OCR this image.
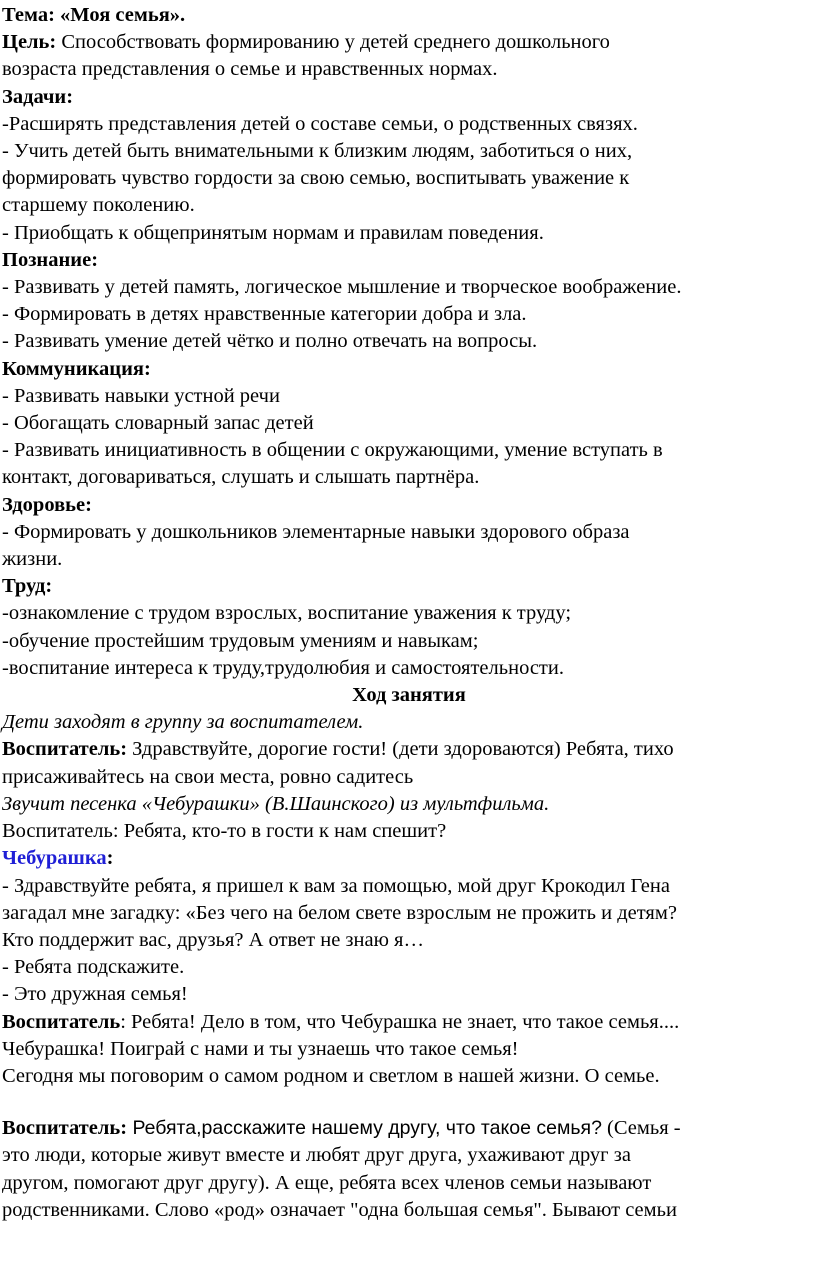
Тема: «Моя семья».
Цель: Способствовать формированию у детей среднего дошкольного
возраста представления о семье и нравственных нормах.
Задачи:
-Расширять представления детей о составе семьи, о родственных связях.
- Учить детей быть внимательными к близким людям, заботиться о них,
формировать чувство гордости за свою семью, воспитывать уважение к
старшему поколению.
- Приобщать к общепринятым нормам и правилам поведения.
Познание:
- Развивать у детей память, логическое мышление и творческое воображение.
- Формировать в детях нравственные категории добра и зла.
- Развивать умение детей чётко и полно отвечать на вопросы.
Коммуникация:
- Развивать навыки устной речи
- Обогащать словарный запас детей
- Развивать инициативность в общении с окружающими, умение вступать в
контакт, договариваться, слушать и слышать партнёра.
Здоровье:
- Формировать у дошкольников элементарные навыки здорового образа
жизни.
Труд:
-ознакомление с трудом взрослых, воспитание уважения к труду;
-обучение простейшим трудовым умениям и навыкам;
-воспитание интереса к труду,трудолюбия и самостоятельности.
Ход занятия
Дети заходят в группу за воспитателем.
Воспитатель: Здравствуйте, дорогие гости! (дети здороваются) Ребята, тихо
присаживайтесь на свои места, ровно садитесь
Звучит песенка «Чебурашки» (В.Шаинского) из мультфильма.
Воспитатель: Ребята, кто-то в гости к нам спешит?
Чебурашка:
- Здравствуйте ребята, я пришел к вам за помощью, мой друг Крокодил Гена
загадал мне загадку: «Без чего на белом свете взрослым не прожить и детям?
Кто поддержит вас, друзья? А ответ не знаю я…
- Ребята подскажите.
- Это дружная семья!
Воспитатель: Ребята! Дело в том, что Чебурашка не знает, что такое семья....
Чебурашка! Поиграй с нами и ты узнаешь что такое семья!
Сегодня мы поговорим о самом родном и светлом в нашей жизни. О семье.
Воспитатель: Ребята,расскажите нашему другу, что такое семья? (Семья -
это люди, которые живут вместе и любят друг друга, ухаживают друг за
другом, помогают друг другу). А еще, ребята всех членов семьи называют
родственниками. Слово «род» означает "одна большая семья". Бывают семьи
